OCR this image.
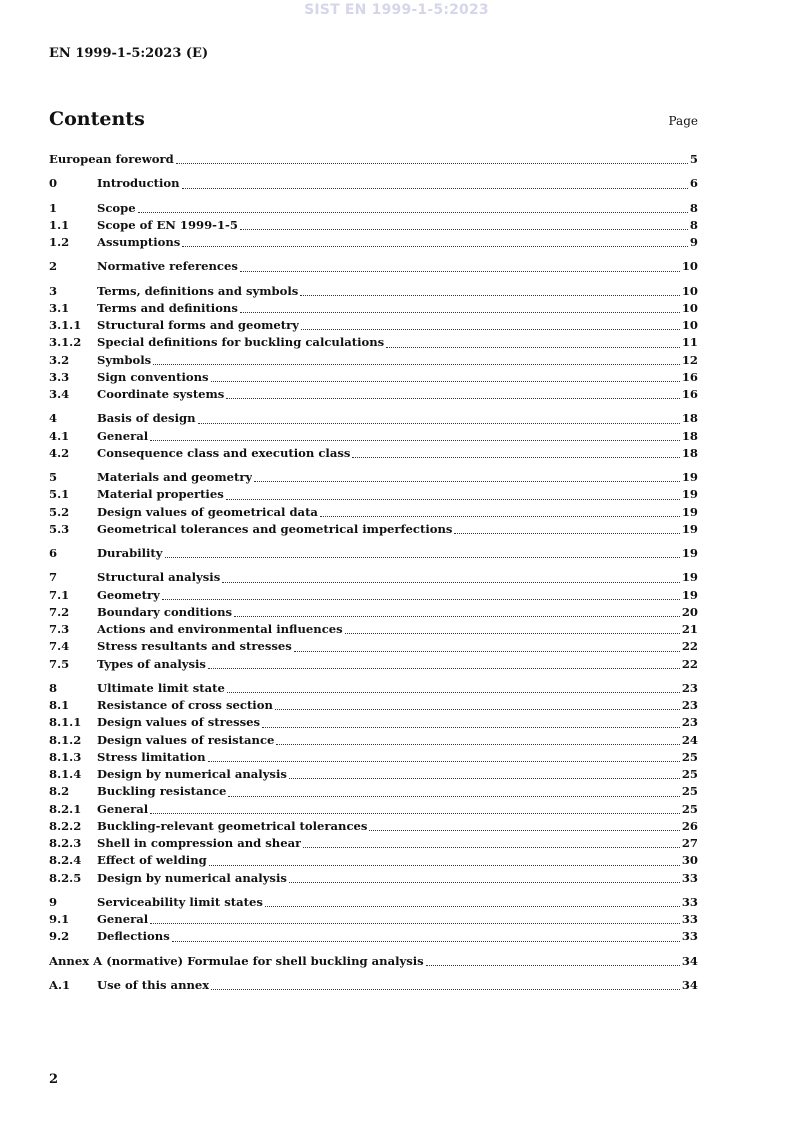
SIST EN 1999-1-5:2023
EN 1999-1-5:2023 (E)
Contents	Page
European foreword	5
0	Introduction	6
1	Scope	8
1.1	Scope of EN 1999-1-5	8
1.2	Assumptions	9
2	Normative references	10
3	Terms, definitions and symbols	10
3.1	Terms and definitions	10
3.1.1	Structural forms and geometry	10
3.1.2	Special definitions for buckling calculations	11
3.2	Symbols	12
3.3	Sign conventions	16
3.4	Coordinate systems	16
4	Basis of design	18
4.1	General	18
4.2	Consequence class and execution class	18
5	Materials and geometry	19
5.1	Material properties	19
5.2	Design values of geometrical data	19
5.3	Geometrical tolerances and geometrical imperfections	19
6	Durability	19
7	Structural analysis	19
7.1	Geometry	19
7.2	Boundary conditions	20
7.3	Actions and environmental influences	21
7.4	Stress resultants and stresses	22
7.5	Types of analysis	22
8	Ultimate limit state	23
8.1	Resistance of cross section	23
8.1.1	Design values of stresses	23
8.1.2	Design values of resistance	24
8.1.3	Stress limitation	25
8.1.4	Design by numerical analysis	25
8.2	Buckling resistance	25
8.2.1	General	25
8.2.2	Buckling-relevant geometrical tolerances	26
8.2.3	Shell in compression and shear	27
8.2.4	Effect of welding	30
8.2.5	Design by numerical analysis	33
9	Serviceability limit states	33
9.1	General	33
9.2	Deflections	33
Annex A (normative) Formulae for shell buckling analysis	34
A.1	Use of this annex	34
2
